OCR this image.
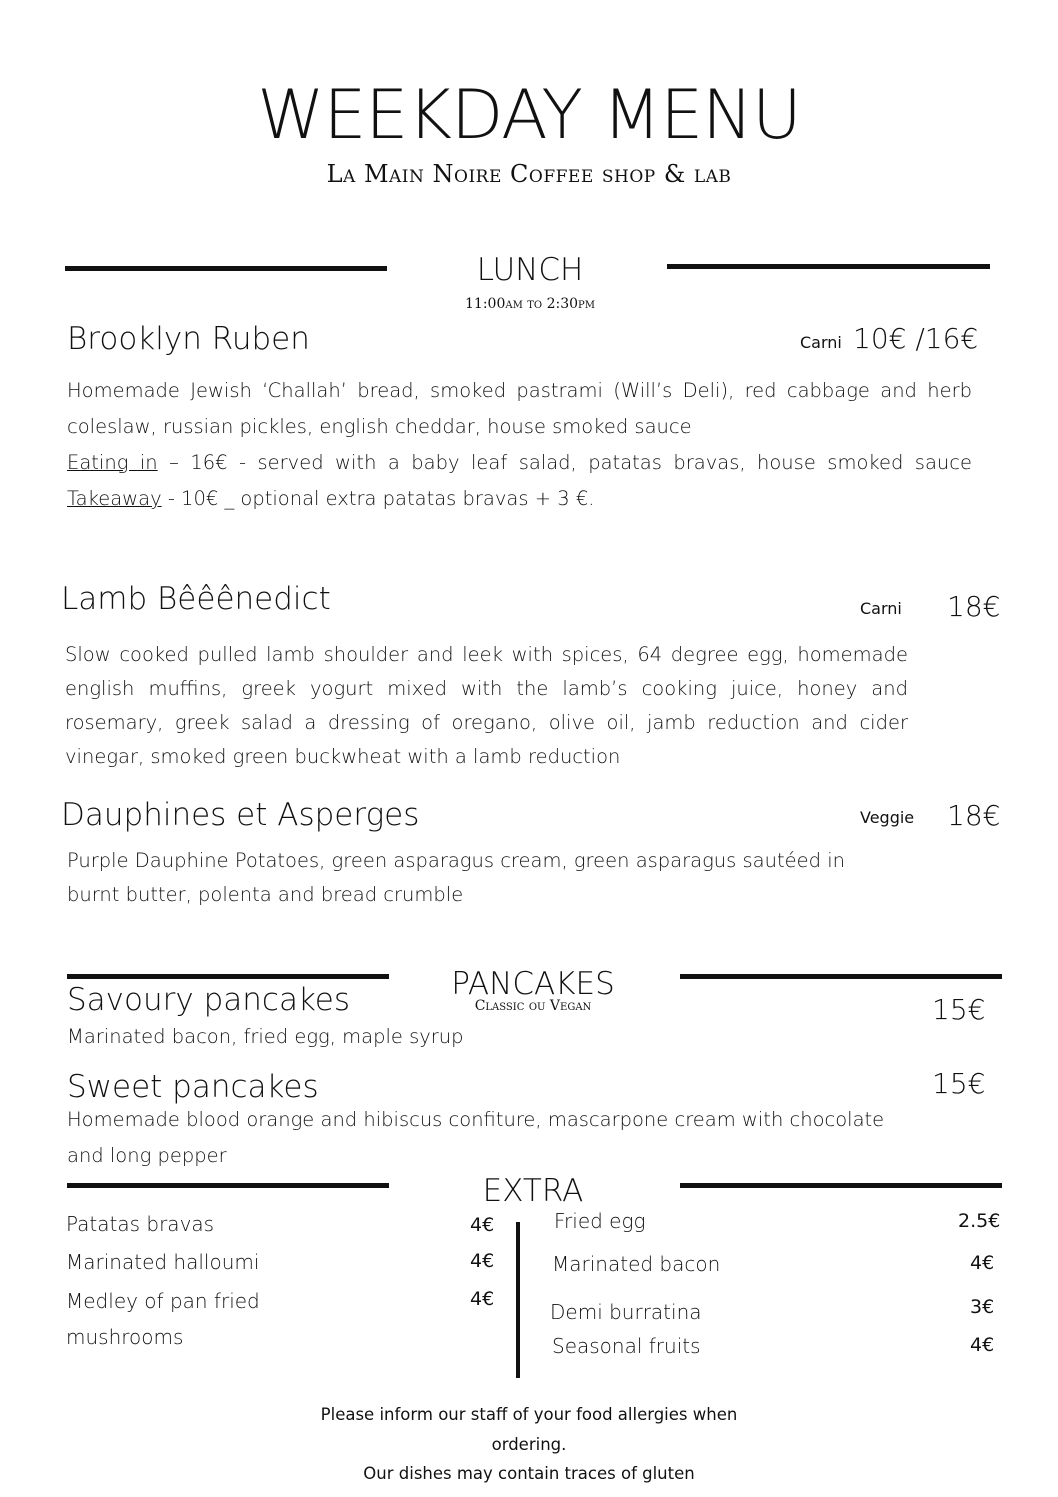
WEEKDAY MENU
La Main Noire Coffee shop & lab
LUNCH
11:00am to 2:30pm
Brooklyn Ruben	Carni 10€ /16€
Homemade Jewish ‘Challah’ bread, smoked pastrami (Will’s Deli), red cabbage and herb
coleslaw, russian pickles, english cheddar, house smoked sauce
Eating in – 16€ - served with a baby leaf salad, patatas bravas, house smoked sauce
Takeaway - 10€ _ optional extra patatas bravas + 3 €.
Lamb Bêêênedict	Carni 18€
Slow cooked pulled lamb shoulder and leek with spices, 64 degree egg, homemade
english muffins, greek yogurt mixed with the lamb’s cooking juice, honey and
rosemary, greek salad a dressing of oregano, olive oil, jamb reduction and cider
vinegar, smoked green buckwheat with a lamb reduction
Dauphines et Asperges	Veggie 18€
Purple Dauphine Potatoes, green asparagus cream, green asparagus sautéed in
burnt butter, polenta and bread crumble
PANCAKES
Classic ou Vegan
Savoury pancakes	15€
Marinated bacon, fried egg, maple syrup
Sweet pancakes	15€
Homemade blood orange and hibiscus confiture, mascarpone cream with chocolate
and long pepper
EXTRA
Patatas bravas	4€
Marinated halloumi	4€
Medley of pan fried
mushrooms
4€
Fried egg	2.5€
Marinated bacon	4€
Demi burratina	3€
Seasonal fruits	4€
Please inform our staff of your food allergies when
ordering.
Our dishes may contain traces of gluten
